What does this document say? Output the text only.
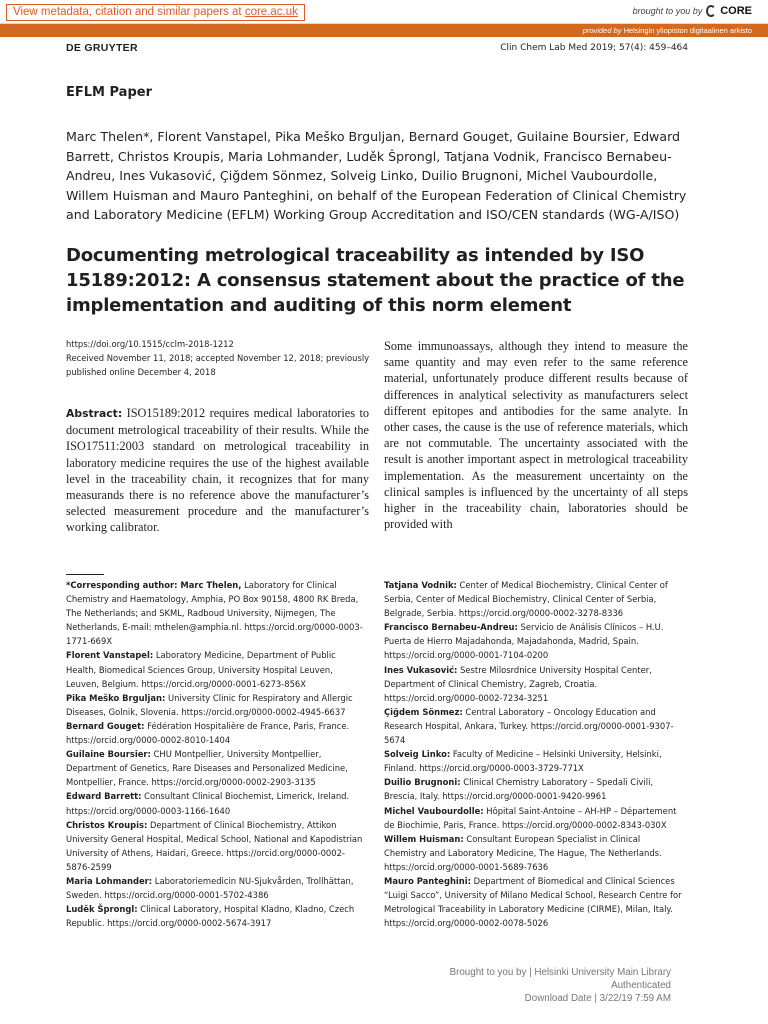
View metadata, citation and similar papers at core.ac.uk	brought to you by CORE
provided by Helsingin yliopiston digitaalinen arkisto
DE GRUYTER	Clin Chem Lab Med 2019; 57(4): 459–464
EFLM Paper
Marc Thelen*, Florent Vanstapel, Pika Meško Brguljan, Bernard Gouget, Guilaine Boursier, Edward Barrett, Christos Kroupis, Maria Lohmander, Luděk Šprongl, Tatjana Vodnik, Francisco Bernabeu-Andreu, Ines Vukasović, Çiğdem Sönmez, Solveig Linko, Duilio Brugnoni, Michel Vaubourdolle, Willem Huisman and Mauro Panteghini, on behalf of the European Federation of Clinical Chemistry and Laboratory Medicine (EFLM) Working Group Accreditation and ISO/CEN standards (WG-A/ISO)
Documenting metrological traceability as intended by ISO 15189:2012: A consensus statement about the practice of the implementation and auditing of this norm element
https://doi.org/10.1515/cclm-2018-1212
Received November 11, 2018; accepted November 12, 2018; previously
published online December 4, 2018
Abstract: ISO15189:2012 requires medical laboratories to document metrological traceability of their results. While the ISO17511:2003 standard on metrological traceability in laboratory medicine requires the use of the highest available level in the traceability chain, it recognizes that for many measurands there is no reference above the manufacturer’s selected measurement procedure and the manufacturer’s working calibrator.
Some immunoassays, although they intend to measure the same quantity and may even refer to the same reference material, unfortunately produce different results because of differences in analytical selectivity as manufacturers select different epitopes and antibodies for the same analyte. In other cases, the cause is the use of reference materials, which are not commutable. The uncertainty associated with the result is another important aspect in metrological traceability implementation. As the measurement uncertainty on the clinical samples is influenced by the uncertainty of all steps higher in the traceability chain, laboratories should be provided with

*Corresponding author: Marc Thelen, Laboratory for Clinical Chemistry and Haematology, Amphia, PO Box 90158, 4800 RK Breda, The Netherlands; and SKML, Radboud University, Nijmegen, The Netherlands, E-mail: mthelen@amphia.nl. https://orcid.org/0000-0003-1771-669X

Florent Vanstapel: Laboratory Medicine, Department of Public Health, Biomedical Sciences Group, University Hospital Leuven, Leuven, Belgium. https://orcid.org/0000-0001-6273-856X

Pika Meško Brguljan: University Clinic for Respiratory and Allergic Diseases, Golnik, Slovenia. https://orcid.org/0000-0002-4945-6637

Bernard Gouget: Fédération Hospitalière de France, Paris, France. https://orcid.org/0000-0002-8010-1404

Guilaine Boursier: CHU Montpellier, University Montpellier, Department of Genetics, Rare Diseases and Personalized Medicine, Montpellier, France. https://orcid.org/0000-0002-2903-3135

Edward Barrett: Consultant Clinical Biochemist, Limerick, Ireland. https://orcid.org/0000-0003-1166-1640

Christos Kroupis: Department of Clinical Biochemistry, Attikon University General Hospital, Medical School, National and Kapodistrian University of Athens, Haidari, Greece. https://orcid.org/0000-0002-5876-2599

Maria Lohmander: Laboratoriemedicin NU-Sjukvården, Trollhättan, Sweden. https://orcid.org/0000-0001-5702-4386

Luděk Šprongl: Clinical Laboratory, Hospital Kladno, Kladno, Czech Republic. https://orcid.org/0000-0002-5674-3917

Tatjana Vodnik: Center of Medical Biochemistry, Clinical Center of Serbia, Center of Medical Biochemistry, Clinical Center of Serbia, Belgrade, Serbia. https://orcid.org/0000-0002-3278-8336

Francisco Bernabeu-Andreu: Servicio de Análisis Clínicos – H.U. Puerta de Hierro Majadahonda, Majadahonda, Madrid, Spain. https://orcid.org/0000-0001-7104-0200

Ines Vukasović: Sestre Milosrdnice University Hospital Center, Department of Clinical Chemistry, Zagreb, Croatia. https://orcid.org/0000-0002-7234-3251

Çiğdem Sönmez: Central Laboratory – Oncology Education and Research Hospital, Ankara, Turkey. https://orcid.org/0000-0001-9307-5674

Solveig Linko: Faculty of Medicine – Helsinki University, Helsinki, Finland. https://orcid.org/0000-0003-3729-771X

Duilio Brugnoni: Clinical Chemistry Laboratory – Spedali Civili, Brescia, Italy. https://orcid.org/0000-0001-9420-9961

Michel Vaubourdolle: Hôpital Saint-Antoine – AH-HP – Département de Biochimie, Paris, France. https://orcid.org/0000-0002-8343-030X

Willem Huisman: Consultant European Specialist in Clinical Chemistry and Laboratory Medicine, The Hague, The Netherlands. https://orcid.org/0000-0001-5689-7636

Mauro Panteghini: Department of Biomedical and Clinical Sciences “Luigi Sacco”, University of Milano Medical School, Research Centre for Metrological Traceability in Laboratory Medicine (CIRME), Milan, Italy. https://orcid.org/0000-0002-0078-5026

Brought to you by | Helsinki University Main Library
Authenticated
Download Date | 3/22/19 7:59 AM
